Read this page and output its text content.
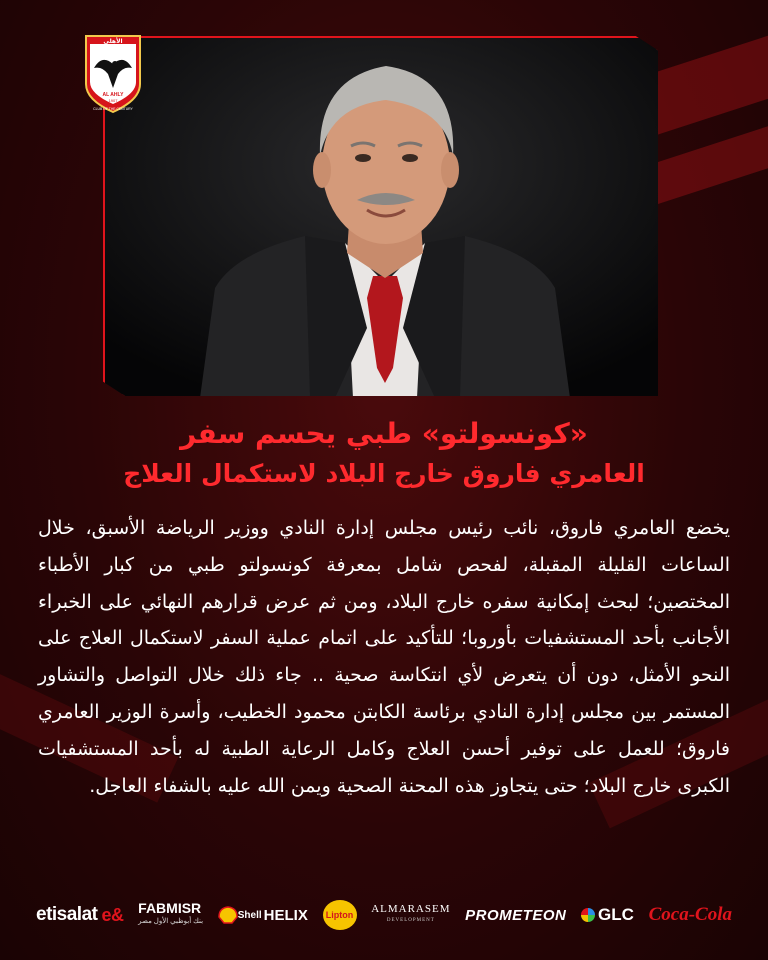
الأهلي
AL AHLY
1907
CLUB OF THE CENTURY
«كونسولتو» طبي يحسم سفر
العامري فاروق خارج البلاد لاستكمال العلاج
يخضع العامري فاروق، نائب رئيس مجلس إدارة النادي ووزير الرياضة الأسبق، خلال الساعات القليلة المقبلة، لفحص شامل بمعرفة كونسولتو طبي من كبار الأطباء المختصين؛ لبحث إمكانية سفره خارج البلاد، ومن ثم عرض قرارهم النهائي على الخبراء الأجانب بأحد المستشفيات بأوروبا؛ للتأكيد على اتمام عملية السفر لاستكمال العلاج على النحو الأمثل، دون أن يتعرض لأي انتكاسة صحية .. جاء ذلك خلال التواصل والتشاور المستمر بين مجلس إدارة النادي برئاسة الكابتن محمود الخطيب، وأسرة الوزير العامري فاروق؛ للعمل على توفير أحسن العلاج وكامل الرعاية الطبية له بأحد المستشفيات الكبرى خارج البلاد؛ حتى يتجاوز هذه المحنة الصحية ويمن الله عليه بالشفاء العاجل.
etisalat e& FABMISR
بنك أبوظبي الأول مصر
Shell HELIX Lipton ALMARASEM
DEVELOPMENT PROMETEON GLC Coca-Cola
